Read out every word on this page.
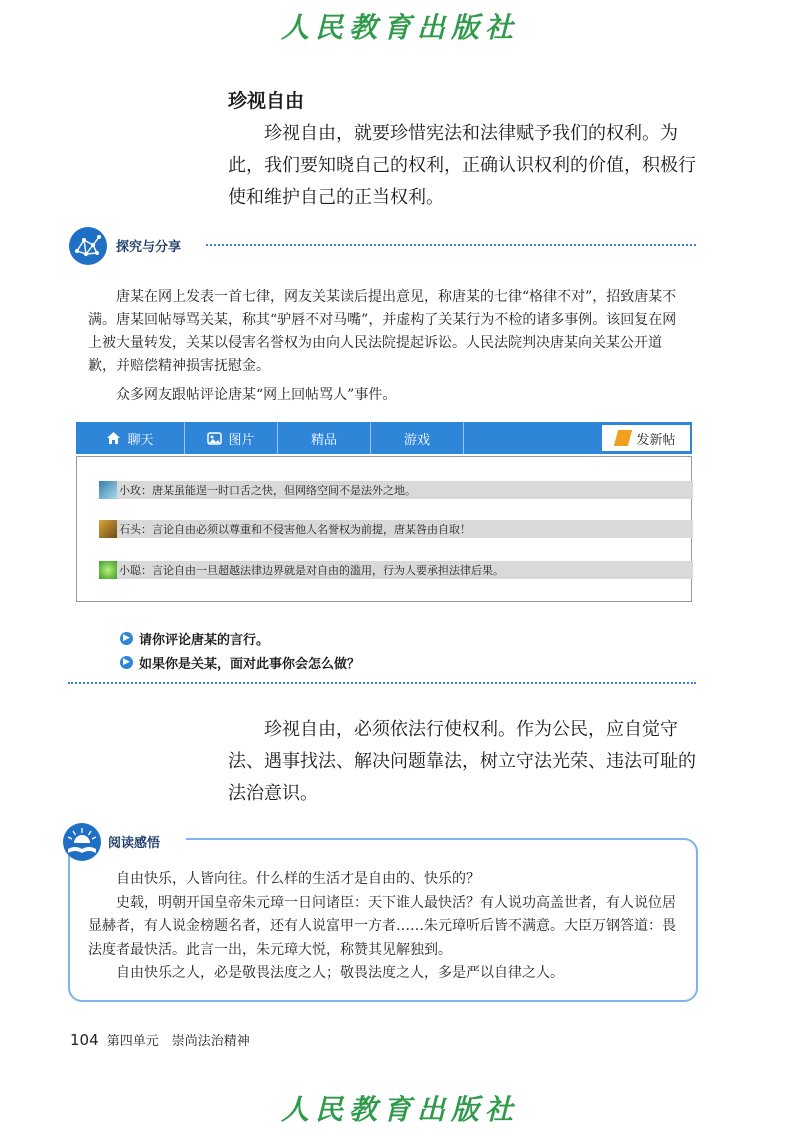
人民教育出版社
珍视自由
珍视自由，就要珍惜宪法和法律赋予我们的权利。为此，我们要知晓自己的权利，正确认识权利的价值，积极行使和维护自己的正当权利。
探究与分享
唐某在网上发表一首七律，网友关某读后提出意见，称唐某的七律“格律不对”，招致唐某不满。唐某回帖辱骂关某，称其“驴唇不对马嘴”，并虚构了关某行为不检的诸多事例。该回复在网上被大量转发，关某以侵害名誉权为由向人民法院提起诉讼。人民法院判决唐某向关某公开道歉，并赔偿精神损害抚慰金。
众多网友跟帖评论唐某“网上回帖骂人”事件。
聊天	图片	精品	游戏	发新帖
小玫：唐某虽能逞一时口舌之快，但网络空间不是法外之地。
石头：言论自由必须以尊重和不侵害他人名誉权为前提，唐某咎由自取！
小聪：言论自由一旦超越法律边界就是对自由的滥用，行为人要承担法律后果。
▶ 请你评论唐某的言行。
▶ 如果你是关某，面对此事你会怎么做？
珍视自由，必须依法行使权利。作为公民，应自觉守法、遇事找法、解决问题靠法，树立守法光荣、违法可耻的法治意识。
阅读感悟

自由快乐，人皆向往。什么样的生活才是自由的、快乐的？

史载，明朝开国皇帝朱元璋一日问诸臣：天下谁人最快活？有人说功高盖世者，有人说位居显赫者，有人说金榜题名者，还有人说富甲一方者……朱元璋听后皆不满意。大臣万钢答道：畏法度者最快活。此言一出，朱元璋大悦，称赞其见解独到。

自由快乐之人，必是敬畏法度之人；敬畏法度之人，多是严以自律之人。

104 第四单元　崇尚法治精神
人民教育出版社
